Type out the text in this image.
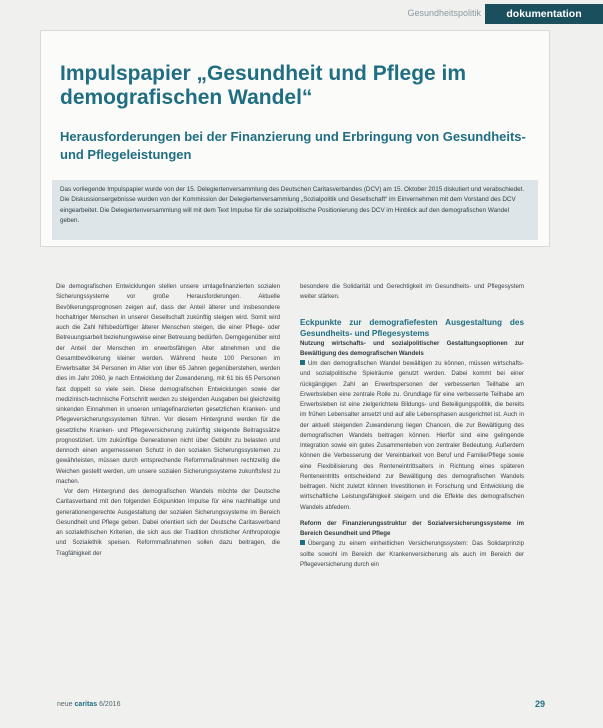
Gesundheitspolitik	dokumentation
Impulspapier „Gesundheit und Pflege im demografischen Wandel“
Herausforderungen bei der Finanzierung und Erbringung von Gesundheits- und Pflegeleistungen

Das vorliegende Impulspapier wurde von der 15. Delegiertenversammlung des Deutschen Caritasverbandes (DCV) am 15. Oktober 2015 diskutiert und verabschiedet. Die Diskussionsergebnisse wurden von der Kommission der Delegiertenversammlung „Sozialpolitik und Gesellschaft“ im Einvernehmen mit dem Vorstand des DCV eingearbeitet. Die Delegiertenversammlung will mit dem Text Impulse für die sozialpolitische Positionierung des DCV im Hinblick auf den demografischen Wandel geben.

Die demografischen Entwicklungen stellen unsere umlagefinanzierten sozialen Sicherungssysteme vor große Herausforderungen. Aktuelle Bevölkerungsprognosen zeigen auf, dass der Anteil älterer und insbesondere hochaltriger Menschen in unserer Gesellschaft zukünftig steigen wird. Somit wird auch die Zahl hilfsbedürftiger älterer Menschen steigen, die einer Pflege- oder Betreuungsarbeit beziehungsweise einer Betreuung bedürfen. Demgegenüber wird der Anteil der Menschen im erwerbsfähigen Alter abnehmen und die Gesamtbevölkerung kleiner werden. Während heute 100 Personen im Erwerbsalter 34 Personen im Alter von über 65 Jahren gegenüberstehen, werden dies im Jahr 2060, je nach Entwicklung der Zuwanderung, mit 61 bis 65 Personen fast doppelt so viele sein. Diese demografischen Entwicklungen sowie der medizinisch-technische Fortschritt werden zu steigenden Ausgaben bei gleichzeitig sinkenden Einnahmen in unseren umlagefinanzierten gesetzlichen Kranken- und Pflegeversicherungssystemen führen. Vor diesem Hintergrund werden für die gesetzliche Kranken- und Pflegeversicherung zukünftig steigende Beitragssätze prognostiziert. Um zukünftige Generationen nicht über Gebühr zu belasten und dennoch einen angemessenen Schutz in den sozialen Sicherungssystemen zu gewährleisten, müssen durch entsprechende Reformmaßnahmen rechtzeitig die Weichen gestellt werden, um unsere sozialen Sicherungssysteme zukunftsfest zu machen.

Vor dem Hintergrund des demografischen Wandels möchte der Deutsche Caritasverband mit den folgenden Eckpunkten Impulse für eine nachhaltige und generationengerechte Ausgestaltung der sozialen Sicherungssysteme im Bereich Gesundheit und Pflege geben. Dabei orientiert sich der Deutsche Caritasverband an sozialethischen Kriterien, die sich aus der Tradition christlicher Anthropologie und Sozialethik speisen. Reformmaßnahmen sollen dazu beitragen, die Tragfähigkeit der

besondere die Solidarität und Gerechtigkeit im Gesundheits- und Pflegesystem weiter stärken.

Eckpunkte zur demografiefesten Ausgestaltung des Gesundheits- und Pflegesystems

Nutzung wirtschafts- und sozialpolitischer Gestaltungsoptionen zur Bewältigung des demografischen Wandels

Um den demografischen Wandel bewältigen zu können, müssen wirtschafts- und sozialpolitische Spielräume genutzt werden. Dabei kommt bei einer rückgängigen Zahl an Erwerbspersonen der verbesserten Teilhabe am Erwerbsleben eine zentrale Rolle zu. Grundlage für eine verbesserte Teilhabe am Erwerbsleben ist eine zielgerichtete Bildungs- und Beteiligungspolitik, die bereits im frühen Lebensalter ansetzt und auf alle Lebensphasen ausgerichtet ist. Auch in der aktuell steigenden Zuwanderung liegen Chancen, die zur Bewältigung des demografischen Wandels beitragen können. Hierfür sind eine gelingende Integration sowie ein gutes Zusammenleben von zentraler Bedeutung. Außerdem können die Verbesserung der Vereinbarkeit von Beruf und Familie/Pflege sowie eine Flexibilisierung des Renteneintrittsalters in Richtung eines späteren Renteneintritts entscheidend zur Bewältigung des demografischen Wandels beitragen. Nicht zuletzt können Investitionen in Forschung und Entwicklung die wirtschaftliche Leistungsfähigkeit steigern und die Effekte des demografischen Wandels abfedern.

Reform der Finanzierungsstruktur der Sozialversicherungssysteme im Bereich Gesundheit und Pflege

Übergang zu einem einheitlichen Versicherungssystem: Das Solidarprinzip sollte sowohl im Bereich der Krankenversicherung als auch im Bereich der Pflegeversicherung durch ein

neue caritas 6/2016	29
